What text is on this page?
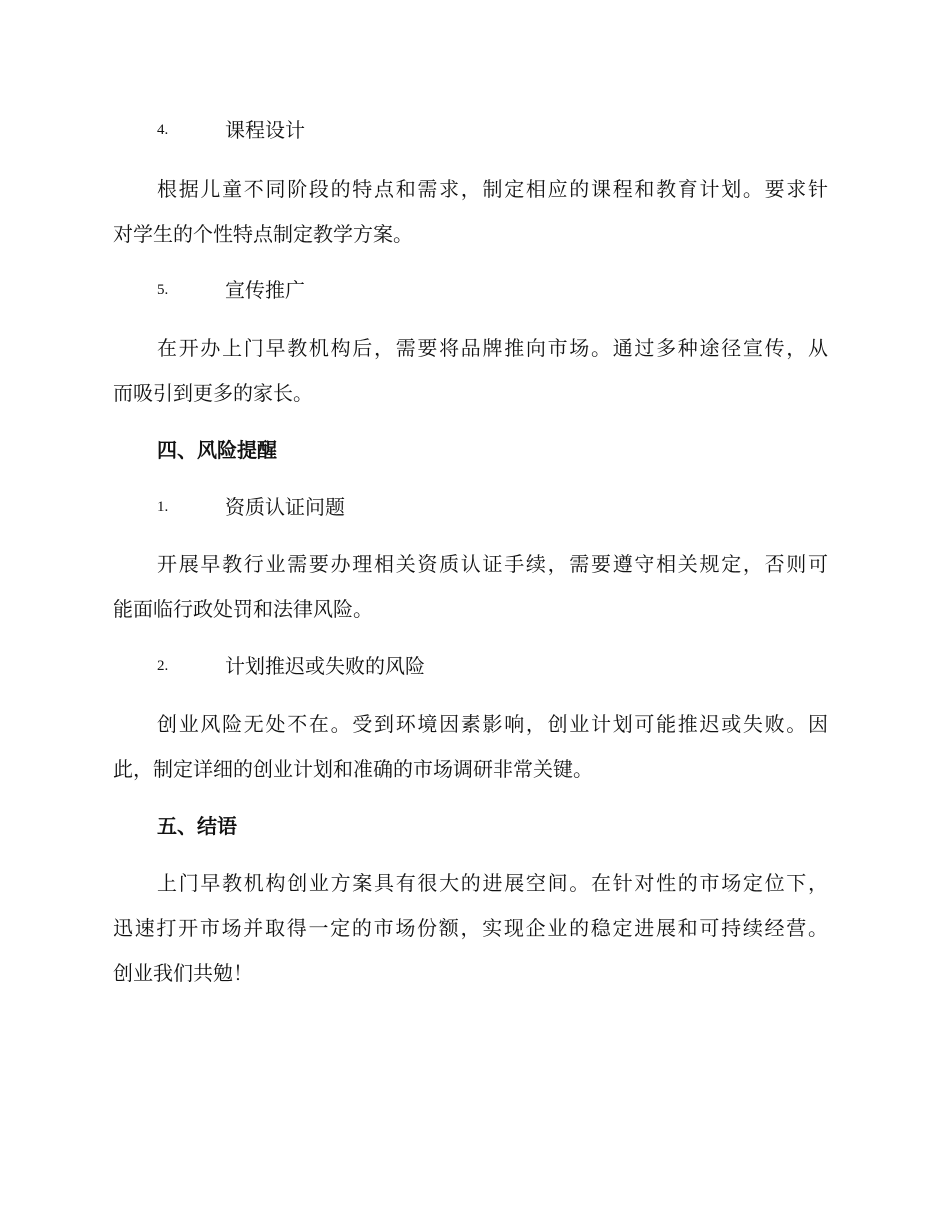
4.	课程设计
根据儿童不同阶段的特点和需求，制定相应的课程和教育计划。要求针
对学生的个性特点制定教学方案。
5.	宣传推广
在开办上门早教机构后，需要将品牌推向市场。通过多种途径宣传，从
而吸引到更多的家长。
四、风险提醒
1.	资质认证问题
开展早教行业需要办理相关资质认证手续，需要遵守相关规定，否则可
能面临行政处罚和法律风险。
2.	计划推迟或失败的风险
创业风险无处不在。受到环境因素影响，创业计划可能推迟或失败。因
此，制定详细的创业计划和准确的市场调研非常关键。
五、结语
上门早教机构创业方案具有很大的进展空间。在针对性的市场定位下，
迅速打开市场并取得一定的市场份额，实现企业的稳定进展和可持续经营。
创业我们共勉！
